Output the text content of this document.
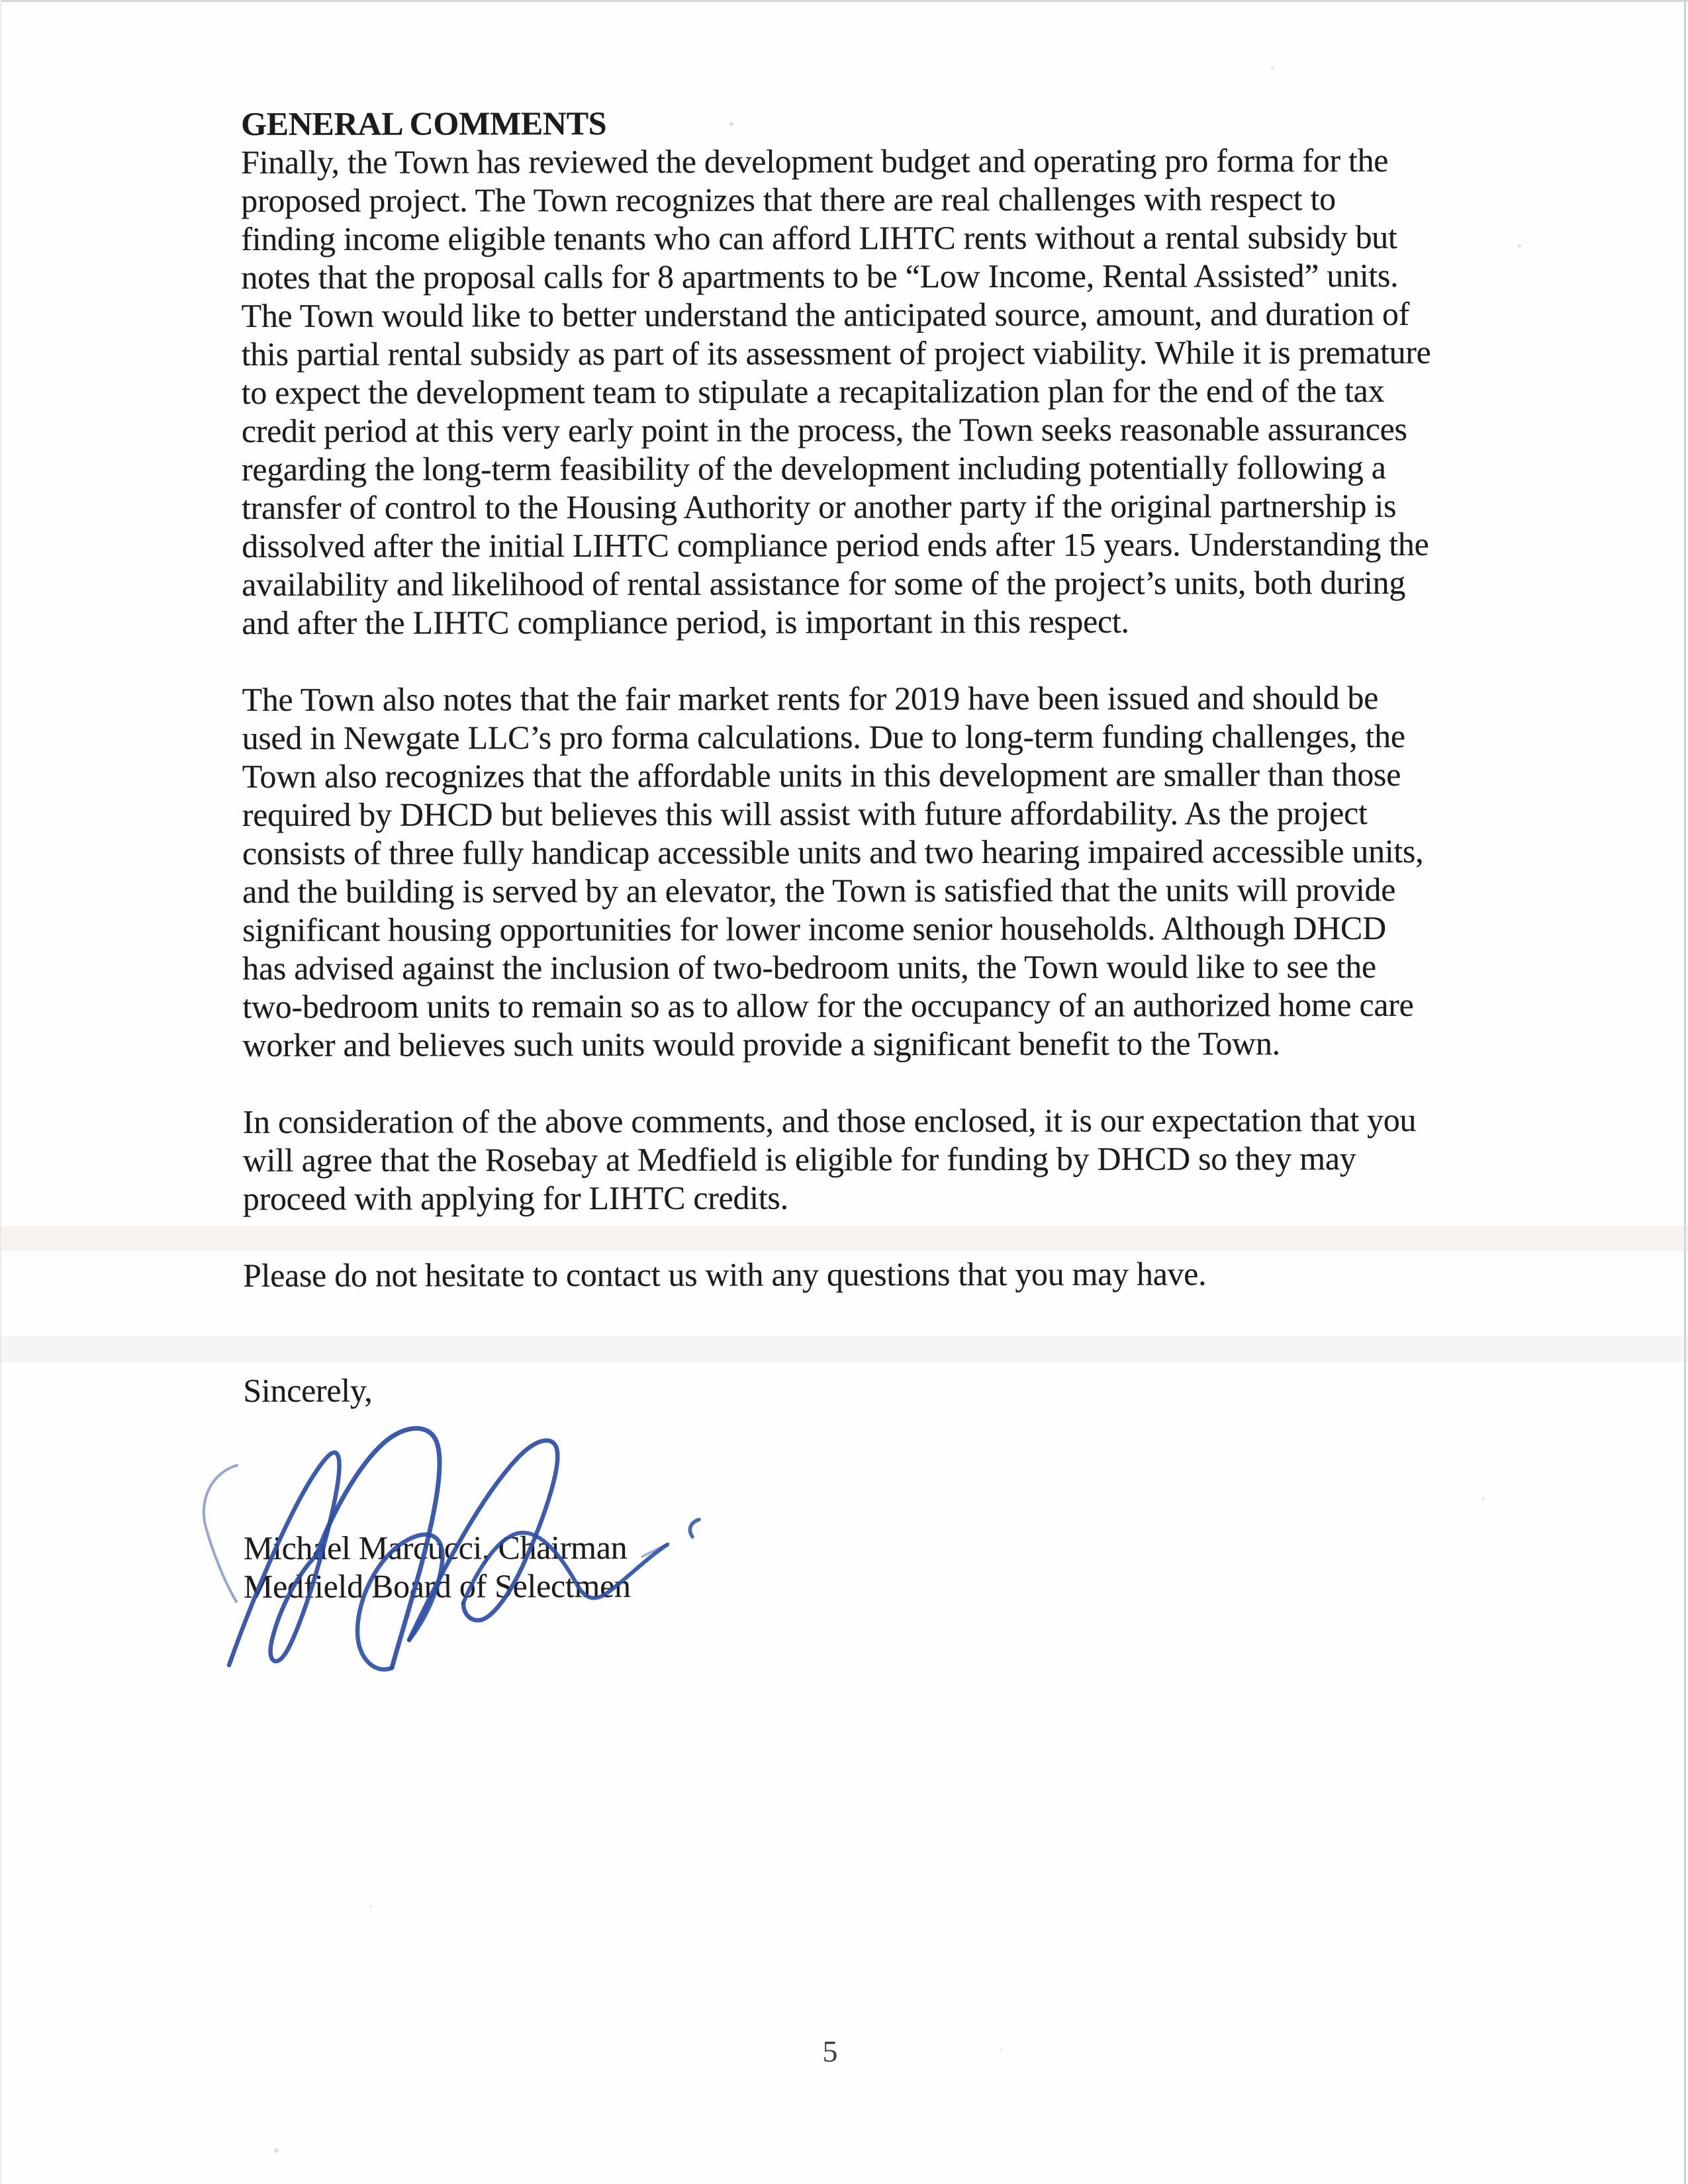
GENERAL COMMENTS

Finally, the Town has reviewed the development budget and operating pro forma for the proposed project. The Town recognizes that there are real challenges with respect to finding income eligible tenants who can afford LIHTC rents without a rental subsidy but notes that the proposal calls for 8 apartments to be “Low Income, Rental Assisted” units. The Town would like to better understand the anticipated source, amount, and duration of this partial rental subsidy as part of its assessment of project viability. While it is premature to expect the development team to stipulate a recapitalization plan for the end of the tax credit period at this very early point in the process, the Town seeks reasonable assurances regarding the long-term feasibility of the development including potentially following a transfer of control to the Housing Authority or another party if the original partnership is dissolved after the initial LIHTC compliance period ends after 15 years. Understanding the availability and likelihood of rental assistance for some of the project’s units, both during and after the LIHTC compliance period, is important in this respect.

The Town also notes that the fair market rents for 2019 have been issued and should be used in Newgate LLC’s pro forma calculations. Due to long-term funding challenges, the Town also recognizes that the affordable units in this development are smaller than those required by DHCD but believes this will assist with future affordability. As the project consists of three fully handicap accessible units and two hearing impaired accessible units, and the building is served by an elevator, the Town is satisfied that the units will provide significant housing opportunities for lower income senior households. Although DHCD has advised against the inclusion of two-bedroom units, the Town would like to see the two-bedroom units to remain so as to allow for the occupancy of an authorized home care worker and believes such units would provide a significant benefit to the Town.

In consideration of the above comments, and those enclosed, it is our expectation that you will agree that the Rosebay at Medfield is eligible for funding by DHCD so they may proceed with applying for LIHTC credits.

Please do not hesitate to contact us with any questions that you may have.

Sincerely,

Michael Marcucci, Chairman

Medfield Board of Selectmen

5
